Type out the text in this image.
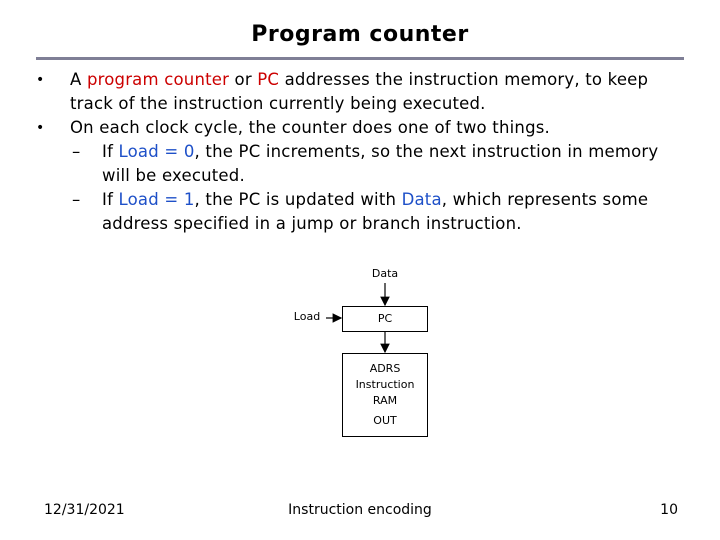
Program counter
• A program counter or PC addresses the instruction memory, to keep track of the instruction currently being executed.
• On each clock cycle, the counter does one of two things.
– If Load = 0, the PC increments, so the next instruction in memory will be executed.
– If Load = 1, the PC is updated with Data, which represents some address specified in a jump or branch instruction.
Data
Load	PC
ADRS
Instruction
RAM
OUT
12/31/2021	Instruction encoding	10
